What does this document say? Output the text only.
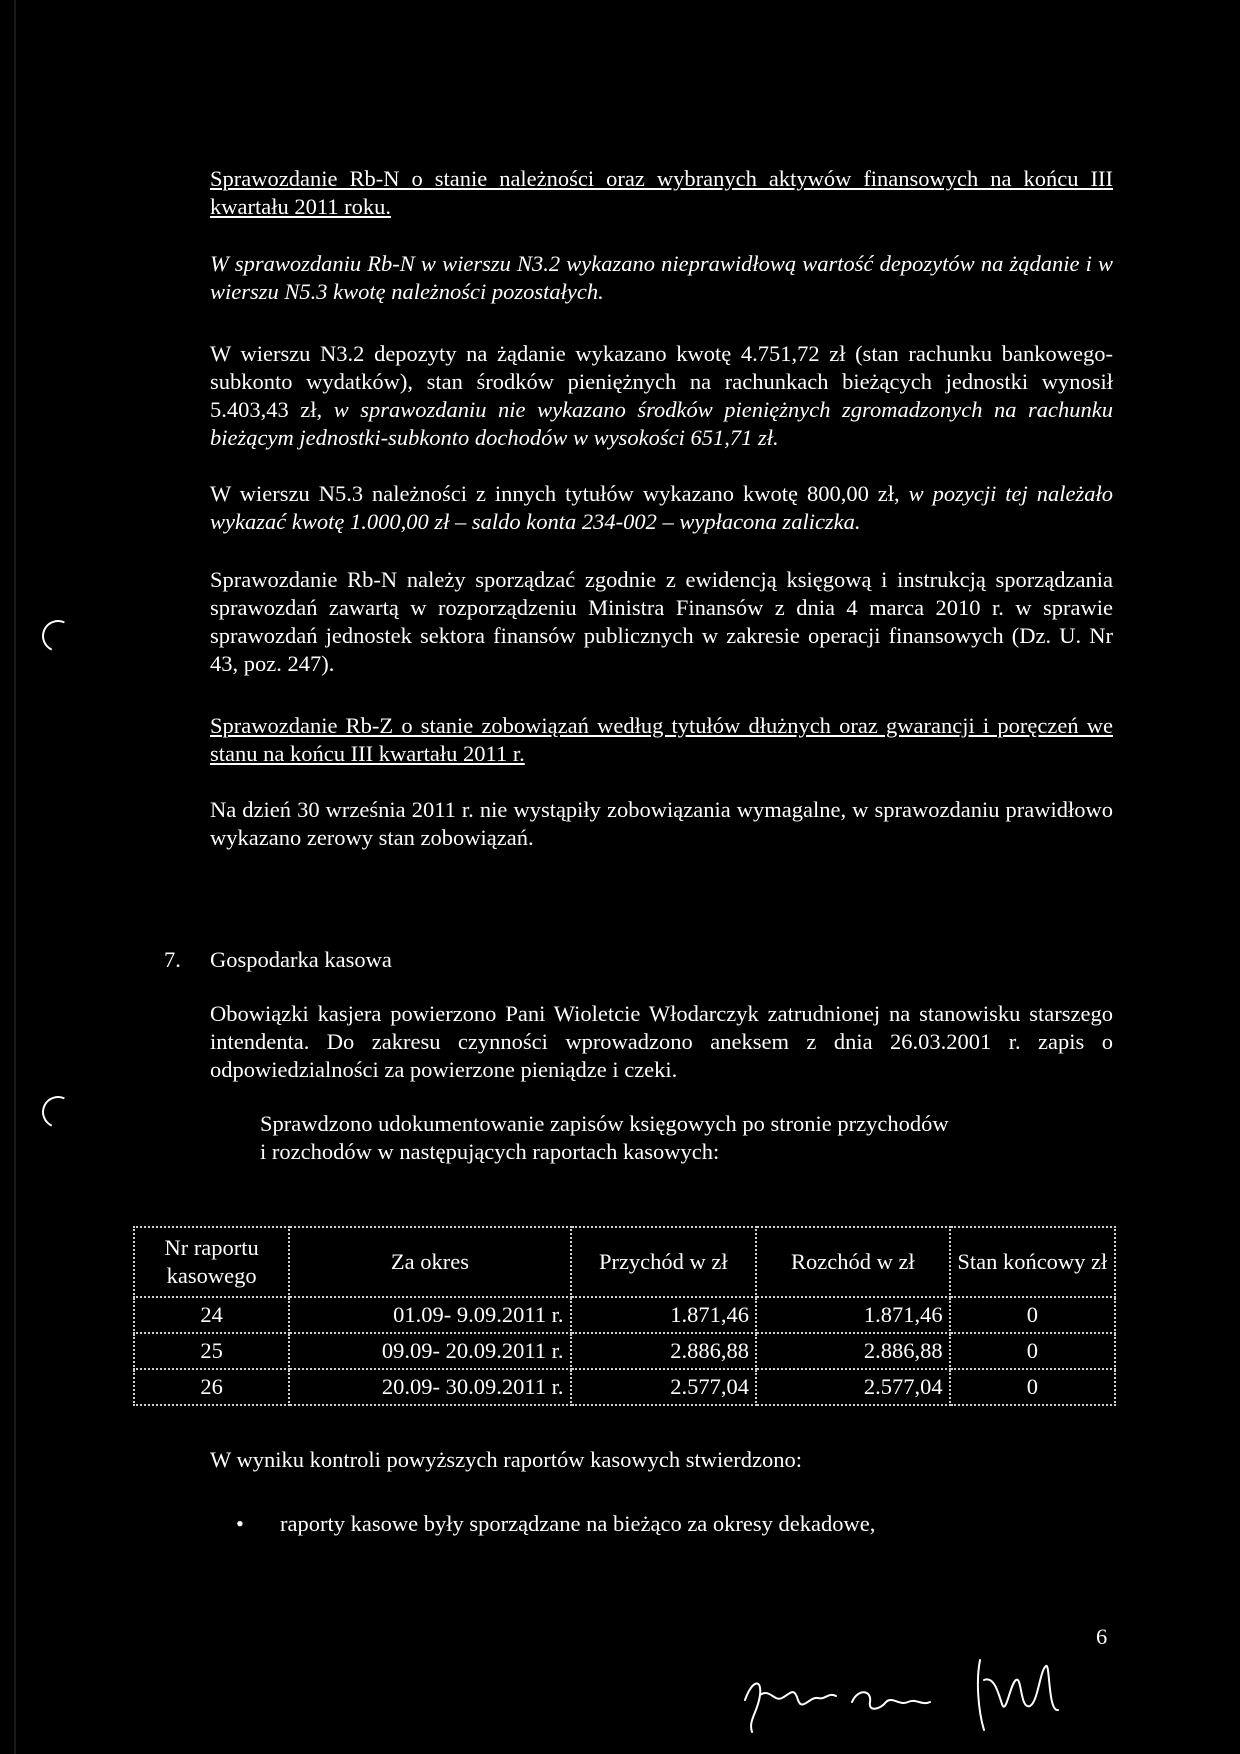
Sprawozdanie Rb-N o stanie należności oraz wybranych aktywów finansowych na końcu III kwartału 2011 roku.

W sprawozdaniu Rb-N w wierszu N3.2 wykazano nieprawidłową wartość depozytów na żądanie i w wierszu N5.3 kwotę należności pozostałych.

W wierszu N3.2 depozyty na żądanie wykazano kwotę 4.751,72 zł (stan rachunku bankowego-subkonto wydatków), stan środków pieniężnych na rachunkach bieżących jednostki wynosił 5.403,43 zł, w sprawozdaniu nie wykazano środków pieniężnych zgromadzonych na rachunku bieżącym jednostki-subkonto dochodów w wysokości 651,71 zł.

W wierszu N5.3 należności z innych tytułów wykazano kwotę 800,00 zł, w pozycji tej należało wykazać kwotę 1.000,00 zł – saldo konta 234-002 – wypłacona zaliczka.

Sprawozdanie Rb-N należy sporządzać zgodnie z ewidencją księgową i instrukcją sporządzania sprawozdań zawartą w rozporządzeniu Ministra Finansów z dnia 4 marca 2010 r. w sprawie sprawozdań jednostek sektora finansów publicznych w zakresie operacji finansowych (Dz. U. Nr 43, poz. 247).

Sprawozdanie Rb-Z o stanie zobowiązań według tytułów dłużnych oraz gwarancji i poręczeń we stanu na końcu III kwartału 2011 r.

Na dzień 30 września 2011 r. nie wystąpiły zobowiązania wymagalne, w sprawozdaniu prawidłowo wykazano zerowy stan zobowiązań.

7. Gospodarka kasowa

Obowiązki kasjera powierzono Pani Wioletcie Włodarczyk zatrudnionej na stanowisku starszego intendenta. Do zakresu czynności wprowadzono aneksem z dnia 26.03.2001 r. zapis o odpowiedzialności za powierzone pieniądze i czeki.

Sprawdzono udokumentowanie zapisów księgowych po stronie przychodów i rozchodów w następujących raportach kasowych:

Nr raportu kasowego	Za okres	Przychód w zł	Rozchód w zł	Stan końcowy zł
24	01.09- 9.09.2011 r.	1.871,46	1.871,46	0
25	09.09- 20.09.2011 r.	2.886,88	2.886,88	0
26	20.09- 30.09.2011 r.	2.577,04	2.577,04	0

W wyniku kontroli powyższych raportów kasowych stwierdzono:

• raporty kasowe były sporządzane na bieżąco za okresy dekadowe,
6
